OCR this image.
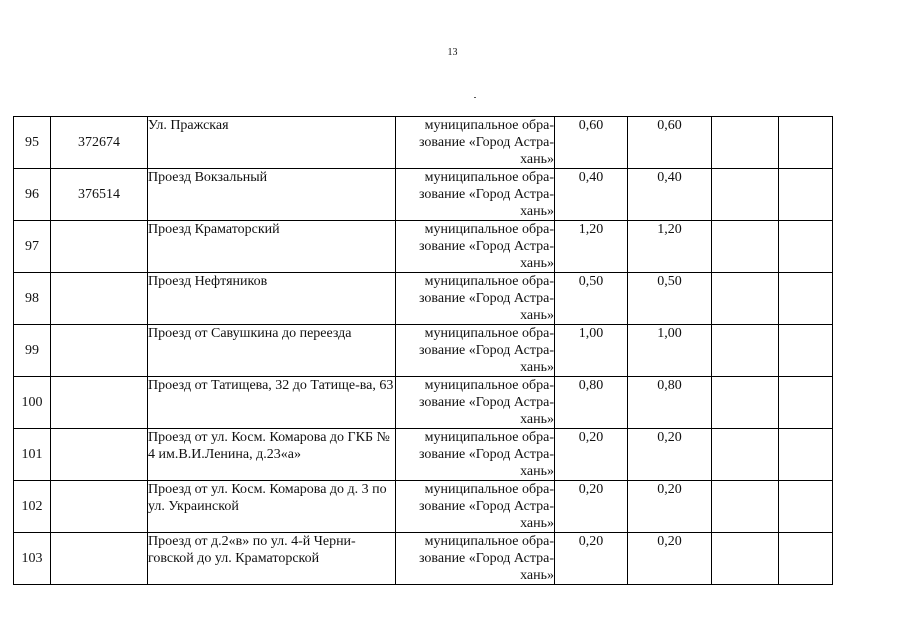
13
95	372674	Ул. Пражская	муниципальное обра-зование «Город Астра-хань»	0,60	0,60		
96	376514	Проезд Вокзальный	муниципальное обра-зование «Город Астра-хань»	0,40	0,40		
97		Проезд Краматорский	муниципальное обра-зование «Город Астра-хань»	1,20	1,20		
98		Проезд Нефтяников	муниципальное обра-зование «Город Астра-хань»	0,50	0,50		
99		Проезд от Савушкина до переезда	муниципальное обра-зование «Город Астра-хань»	1,00	1,00		
100		Проезд от Татищева, 32 до Татище-ва, 63	муниципальное обра-зование «Город Астра-хань»	0,80	0,80		
101		Проезд от ул. Косм. Комарова до ГКБ № 4 им.В.И.Ленина, д.23«а»	муниципальное обра-зование «Город Астра-хань»	0,20	0,20		
102		Проезд от ул. Косм. Комарова до д. 3 по ул. Украинской	муниципальное обра-зование «Город Астра-хань»	0,20	0,20		
103		Проезд от д.2«в» по ул. 4-й Черни-говской до ул. Краматорской	муниципальное обра-зование «Город Астра-хань»	0,20	0,20		
